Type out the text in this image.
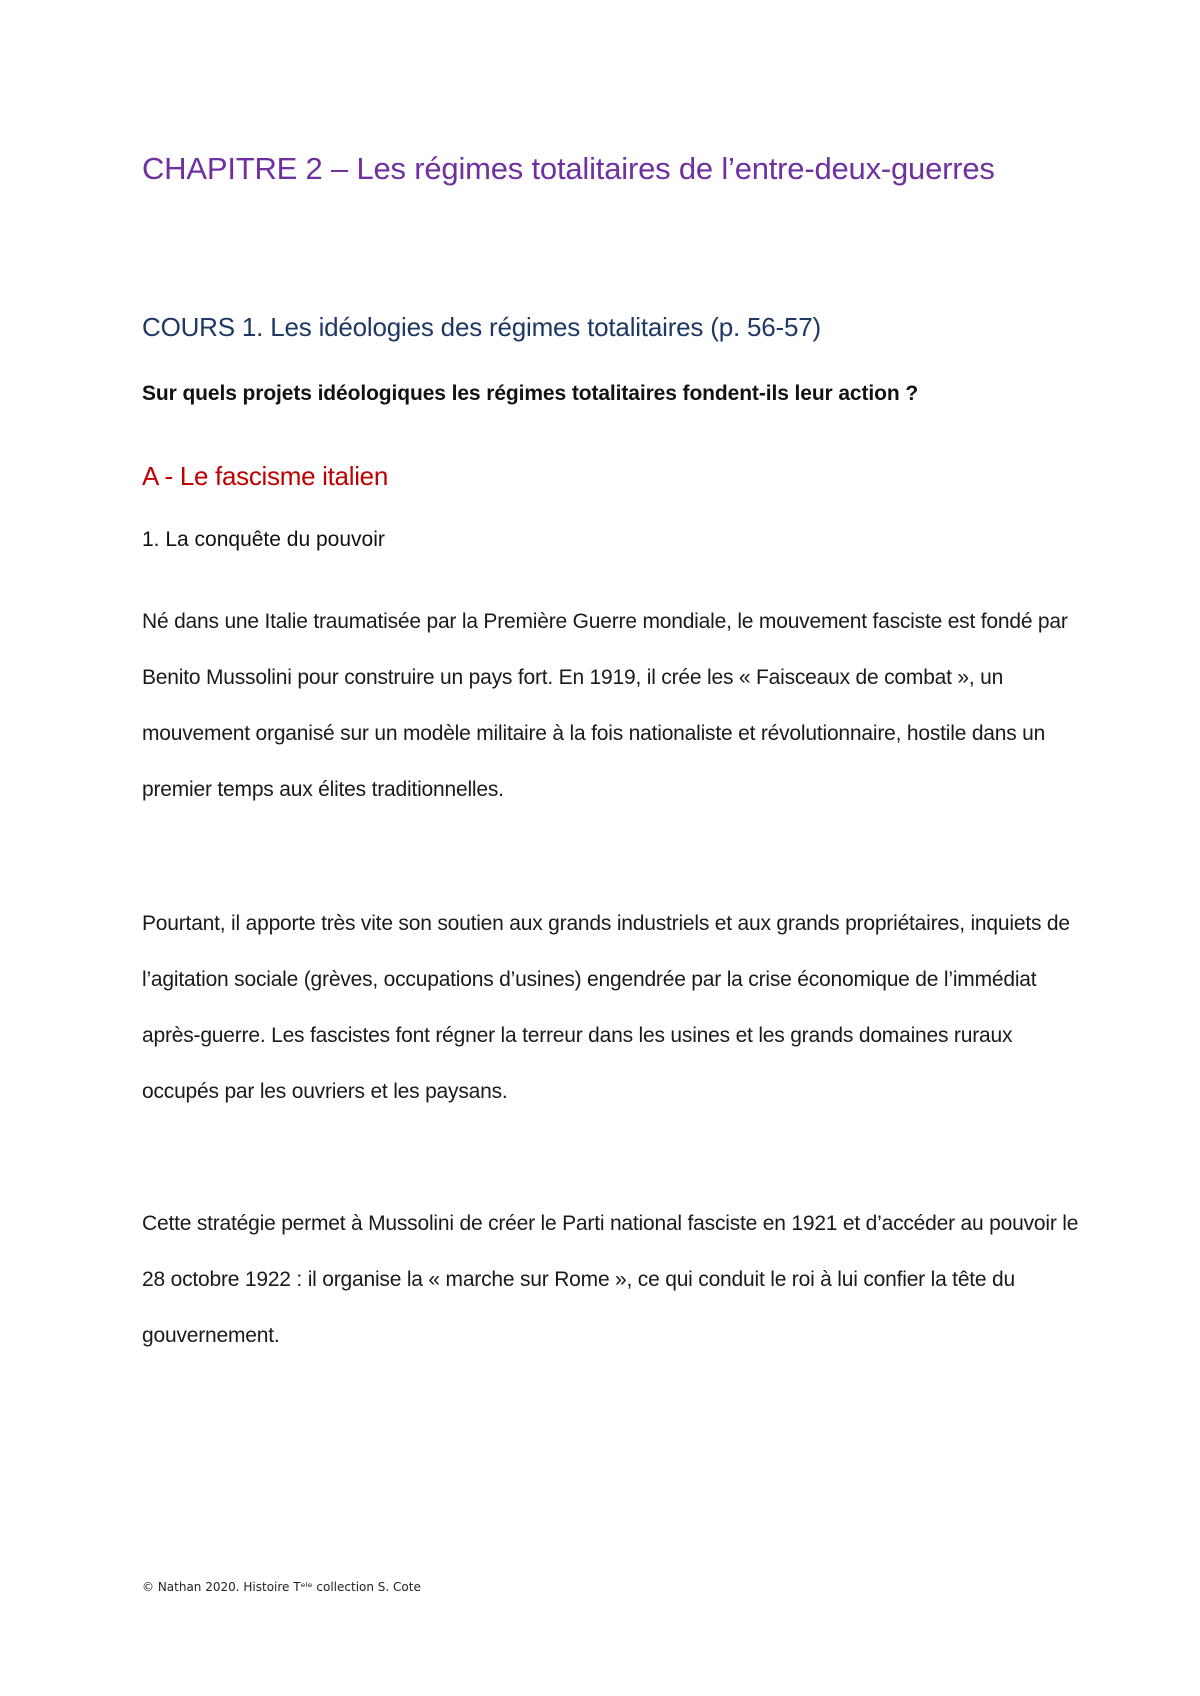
CHAPITRE 2 – Les régimes totalitaires de l’entre-deux-guerres
COURS 1. Les idéologies des régimes totalitaires (p. 56-57)

Sur quels projets idéologiques les régimes totalitaires fondent-ils leur action ?

A - Le fascisme italien
1. La conquête du pouvoir

Né dans une Italie traumatisée par la Première Guerre mondiale, le mouvement fasciste est fondé par Benito Mussolini pour construire un pays fort. En 1919, il crée les « Faisceaux de combat », un mouvement organisé sur un modèle militaire à la fois nationaliste et révolutionnaire, hostile dans un premier temps aux élites traditionnelles.

Pourtant, il apporte très vite son soutien aux grands industriels et aux grands propriétaires, inquiets de l’agitation sociale (grèves, occupations d’usines) engendrée par la crise économique de l’immédiat après-guerre. Les fascistes font régner la terreur dans les usines et les grands domaines ruraux occupés par les ouvriers et les paysans.

Cette stratégie permet à Mussolini de créer le Parti national fasciste en 1921 et d’accéder au pouvoir le 28 octobre 1922 : il organise la « marche sur Rome », ce qui conduit le roi à lui confier la tête du gouvernement.

© Nathan 2020. Histoire Tᵉˡᵉ collection S. Cote
